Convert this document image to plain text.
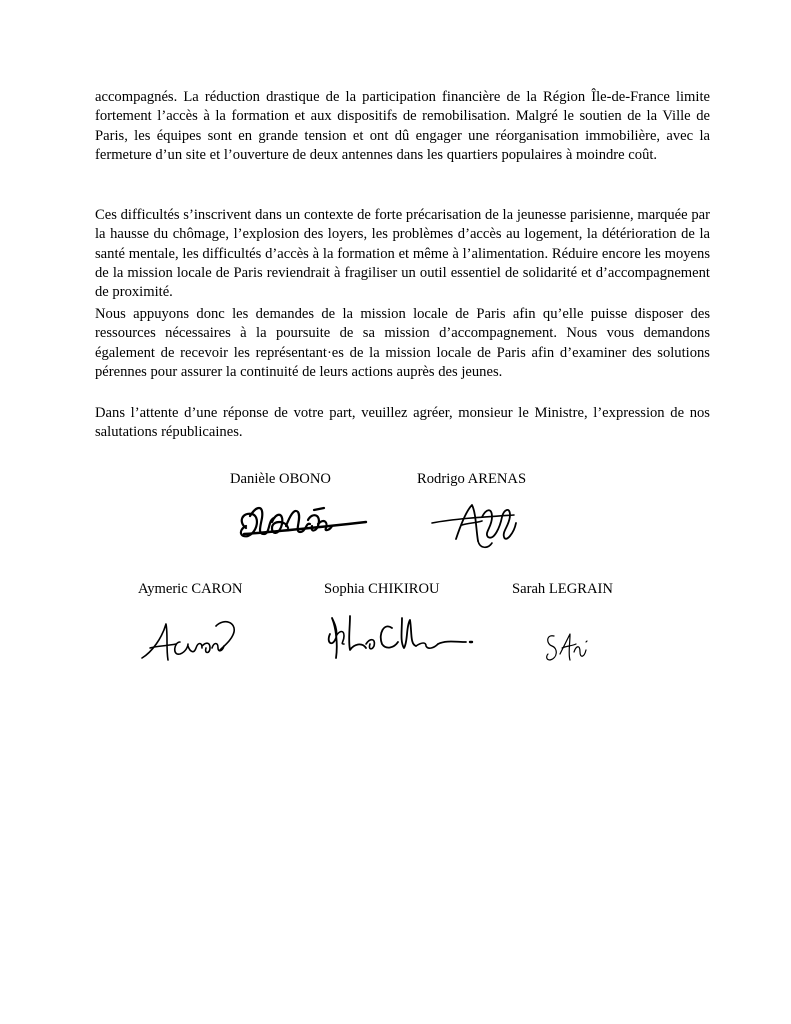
accompagnés. La réduction drastique de la participation financière de la Région Île-de-France limite fortement l’accès à la formation et aux dispositifs de remobilisation. Malgré le soutien de la Ville de Paris, les équipes sont en grande tension et ont dû engager une réorganisation immobilière, avec la fermeture d’un site et l’ouverture de deux antennes dans les quartiers populaires à moindre coût.

Ces difficultés s’inscrivent dans un contexte de forte précarisation de la jeunesse parisienne, marquée par la hausse du chômage, l’explosion des loyers, les problèmes d’accès au logement, la détérioration de la santé mentale, les difficultés d’accès à la formation et même à l’alimentation. Réduire encore les moyens de la mission locale de Paris reviendrait à fragiliser un outil essentiel de solidarité et d’accompagnement de proximité.

Nous appuyons donc les demandes de la mission locale de Paris afin qu’elle puisse disposer des ressources nécessaires à la poursuite de sa mission d’accompagnement. Nous vous demandons également de recevoir les représentant·es de la mission locale de Paris afin d’examiner des solutions pérennes pour assurer la continuité de leurs actions auprès des jeunes.

Dans l’attente d’une réponse de votre part, veuillez agréer, monsieur le Ministre, l’expression de nos salutations républicaines.

Danièle OBONO	Rodrigo ARENAS
Aymeric CARON	Sophia CHIKIROU	Sarah LEGRAIN
